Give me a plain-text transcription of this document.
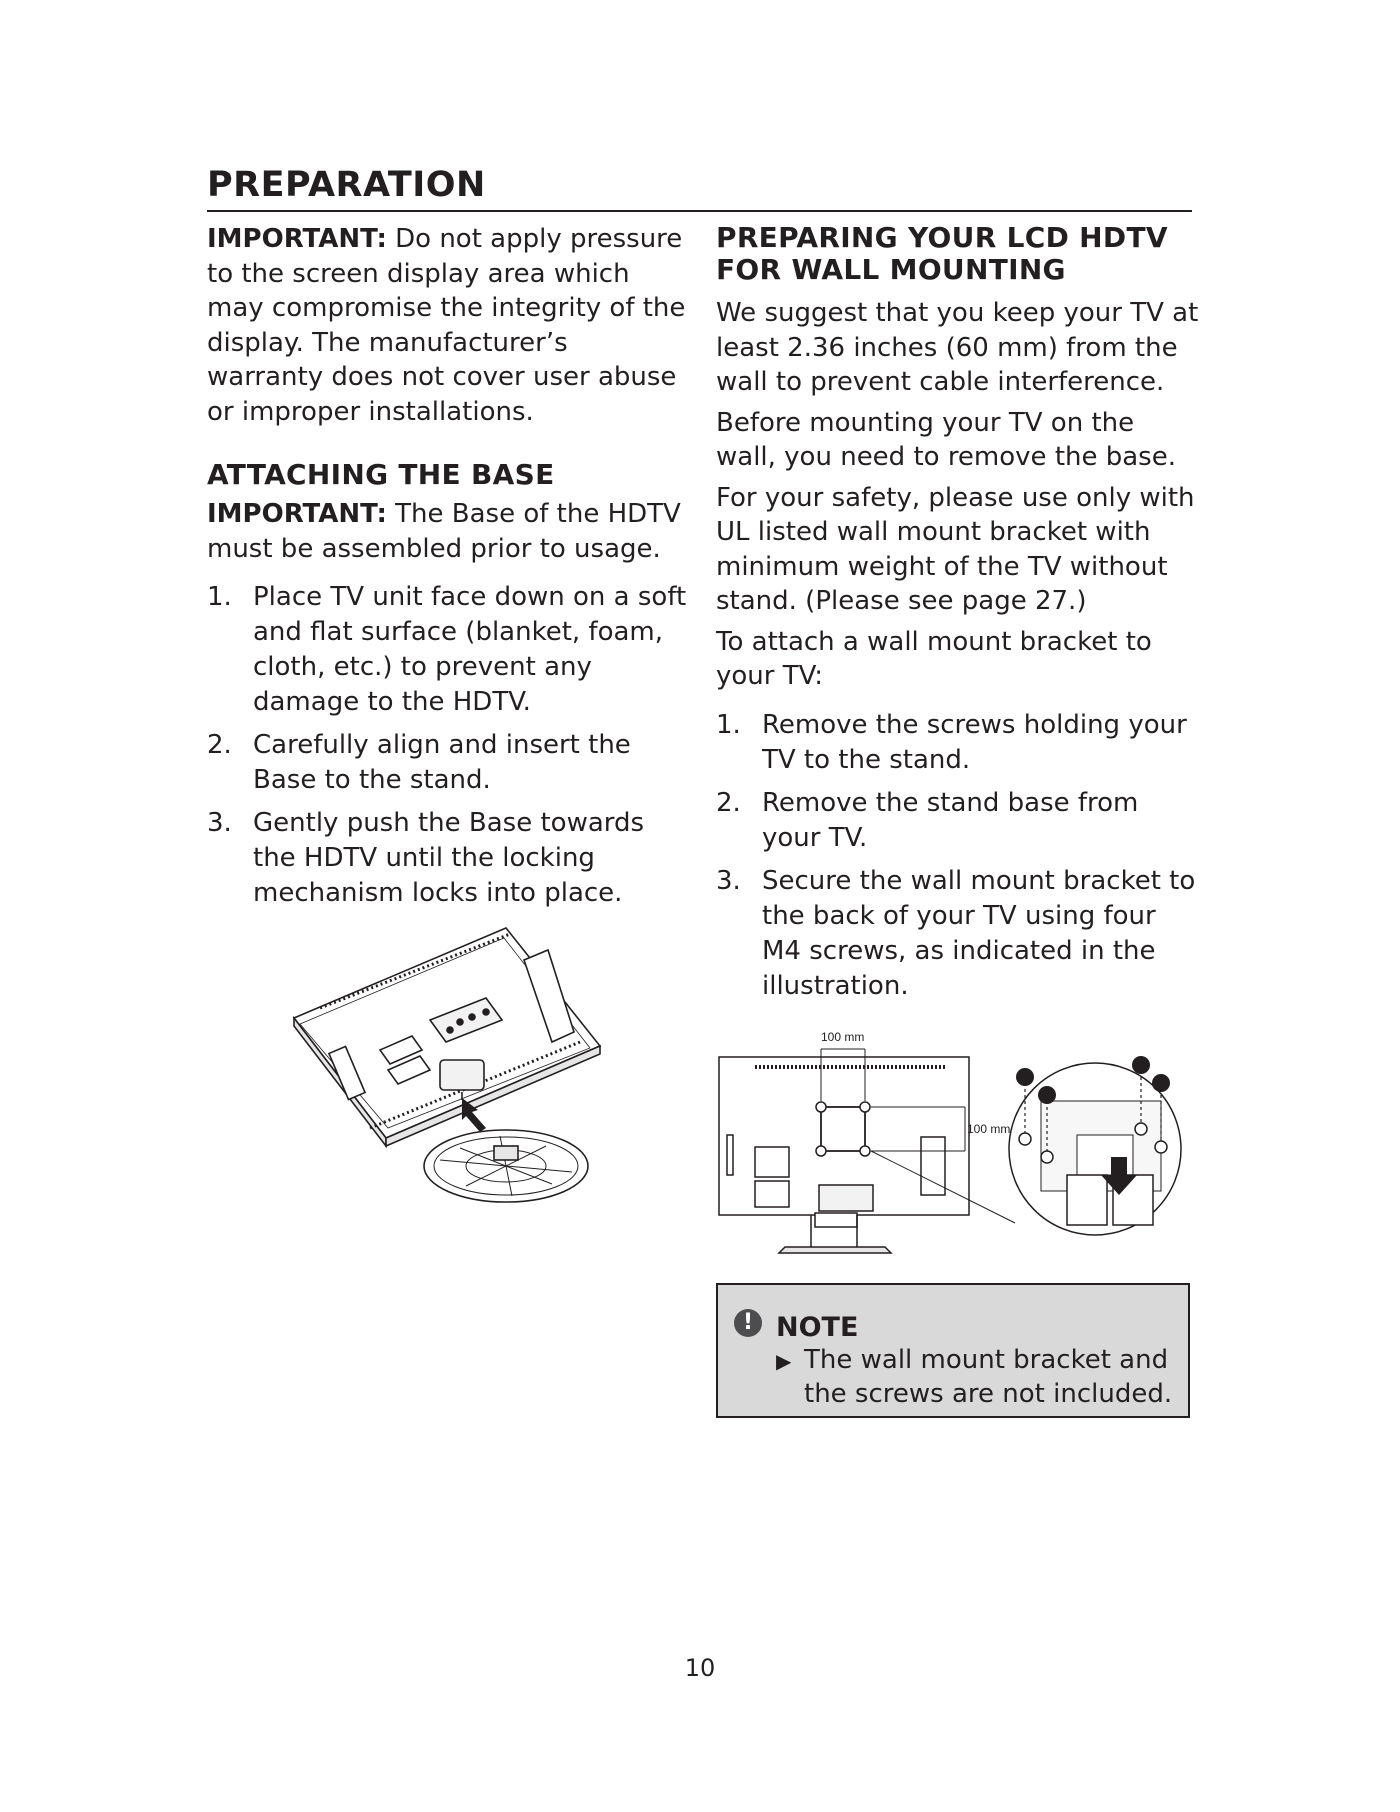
PREPARATION

IMPORTANT: Do not apply pressure to the screen display area which may compromise the integrity of the display. The manufacturer’s warranty does not cover user abuse or improper installations.

ATTACHING THE BASE

IMPORTANT: The Base of the HDTV must be assembled prior to usage.

1. Place TV unit face down on a soft and flat surface (blanket, foam, cloth, etc.) to prevent any damage to the HDTV.
2. Carefully align and insert the Base to the stand.
3. Gently push the Base towards the HDTV until the locking mechanism locks into place.
PREPARING YOUR LCD HDTV
FOR WALL MOUNTING

We suggest that you keep your TV at least 2.36 inches (60 mm) from the wall to prevent cable interference.

Before mounting your TV on the wall, you need to remove the base.

For your safety, please use only with UL listed wall mount bracket with minimum weight of the TV without stand. (Please see page 27.)

To attach a wall mount bracket to your TV:

1. Remove the screws holding your TV to the stand.
2. Remove the stand base from your TV.
3. Secure the wall mount bracket to the back of your TV using four M4 screws, as indicated in the illustration.
100 mm
100 mm
! NOTE
▶ The wall mount bracket and the screws are not included.
10
